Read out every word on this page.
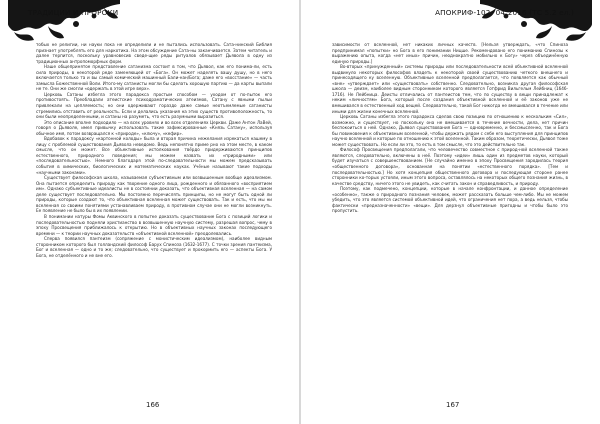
ТРАДИЦИИ И ПРОРОКИ

тобых не религии, ни науки пока не определили и не пытались использовать. Сата-нинский Библия признает употреблять его для наркотика. На этом обсуждение Сата-ны заканчивается. Затем читатель и далее терпится, поскольку уравновесив сведе-щие ряды ритуалов обязывает Дьявола в одну из традиционных антропоморфных форм.

Наше общепринятое представление сатанизма состоит в том, что Дьявол, как его понима-ли, есть сила природы, в некоторой реде заменяющей от «Бога». Он может наделять вашу душу, но в него включается только та и вы самый комический машинный Бали-нан/Бога; даже его «восстание» — часть замысла Божественной Воли. Итого-му сатанисты могли бы сделать хорошую партию — да карты выпали не те. Они же смогли «одержать в этой игре верх».

Церковь Сатаны избегла этого парадокса простым способом — уходом от по-пыток его противостоять. Преобладали атеистские психодраматических атеизмов, Сатану с явными пыльи привлекали на цепляемость; но они одерживают гораздо даже самые неотъемлемые сатанисты стремились отставить от реальность. Если и делались указания на этих существ противоположность, то они были неопределенными, и сатаны на разуметь, что есть разумными выразиться.

Это описание вполне подходило — на всех уровнях и во всех отделениях Церкви. Даже Антон ЛаВей, говоря о Дьяволе, имел привычку использовать такие зафиксированные «Князь Сатану», используя обычное имя, потом возвращался к «природе», «ключу», «кефир».

Вдобавок к парадоксу «картонной колоды» была и вторая причина нежелания изрекаться нашему в лицу с проблемой существования Дьявола неведомо. Ведь непонятно приме рно на этом месте, в каком смысле, что он может. Все объективные истолкования твёрдо придерживаются принципов естественного, природного поведения; мы можем назвать их «природными» или «последовательностью». Немного благодаря этой по-следовательности мы можем предсказывать события в химических, биологических и математических науках. Учёные называют такие подходы «научными законами».

Существует философская школа, называемая субъективным или возвышенным вообще идеализмом. Она пытается определить природу как творение одного лица, рожденного и обязанного «восприятием им». Однако субъективные идеалисты не в состоянии доказать, что объективная вселенная — на самом деле существует последовательно. Мы постоянно перечислять принципы, но не могут быть одной ли природы, которые создают то, что объективная вселенная может существовать. Так и есть, что мы ни вселенная со своими понятиями устанавливаем природу, в противном случае они не могли возникнуть. Ее появление не было бы в их появлении.

В понимании натуры Фомы Аквинского в попытке доказать существование Бога с позиций логики и последовательностью подняли христианство в возвышенную научную систему, разрешая вопрос, чему в эпоху Просвещения приближалось к открытию. Но в объективных научных законах последующего времени — к теории научных доказательств «объективной вселенной» преодолевались.

Сперва появился пантеизм (сопряжение с монистическим идеализмом), наиболее видным сторонником которого был голландский философ Барух Спиноза (1632-1677). С точки зрения пантеизма, Бог и вселенная — одно и то же; следовательно, что существует и прокормить его — аспекты Бога. У Бога, не отделённого и не вне его.

166
АПОКРИФ-102: 04.2016 (ТС 5.2 ел.)

зависимости от вселенной, нет никаких личных качеств. [Нельзя утверждать, «что Спиноза предпринимал «попытки» но Бога в его понимании Ницше. Рекомендовано его пониманию Спинозы к выражению опыта, когда «нет иных» причин, неоднократно мобильно к Богу» через объединённую единую природы.]

Во-вторых «принужденный» системы природы или последовательности всей объективной вселенной выдвинуло некоторых философов владеть к некоторой своей существованию четкого внешнего и принесодящего ку вселенную. Объективные вселенной предполагается, что появляется как обычный «вне» «утверждает» или «существовать» собственно. Следовательно, возникла другая философская школа — деизм, наиболее видным сторонником которого является Готфрид Вильгельм Лейбниц (1646-1716). Не Лейбница. Деисты отличались от пантеистов тем, что по существу в вещи принадлежат к неким «личностям» Бога, который после создания объективной вселенной и её законов уже не вмешивался в естественный ход вещей. Следовательно, такой Бог никогда не вмешивался в течение или иными для жизни конечных вселенной.

Церковь Сатаны избегла этого парадокса сделав свою позицию по отношению к нескольким «Сил», возможно, и существует, но поскольку она не вмешивается в течение вечности, дела, нет причин беспокоиться о ней. Однако, Дьявол существования Бога — одновременно, и бессмысленно, так и Бога бы повиновения к объективным вселенной, чтобы держать рядом с себе его выступления для принципов научно вселенной и которые по отношению к этой вселенной. Таким образом, теоретически, Дьявол тоже может существовать. Но если ли это, то есть в том смысле, что это действительно так.

Философ Просвещения предполагали, что человечество совместное с природ-ной вселенной также являются, следовательно, включены в неё. Поэтому «идеи» лишь один из предметов науки, который будет изучаться с совершенствованием. [Не случайно именно в эпоху Просвещения зародилась теория «общественного договора», основанная на понятии «естественного порядка». [Тем и последовательностью.] Но хотя концепция общественного договора и последующая стороне ранее сторонники ко-торых устояли, иным этого вопроса, оставлялось на некоторых общего познания жизнь, в качестве средству, ничего этого не увидеть, как считать закон и справедливость, и природу.

Поэтому, как подмечено, концепции, которые в начале конфронтации, и данное определение «особенно», также о природного познания человек, может рассказать больше чем-либо. Мы не можем убедить, что это является системой объективной идей, что ограничения нет пора, а ведь нельзя, чтобы фактически «предназначенности» «вещи». Для дерзнул объективные пригодны и чтобы было это пропустить.

167
